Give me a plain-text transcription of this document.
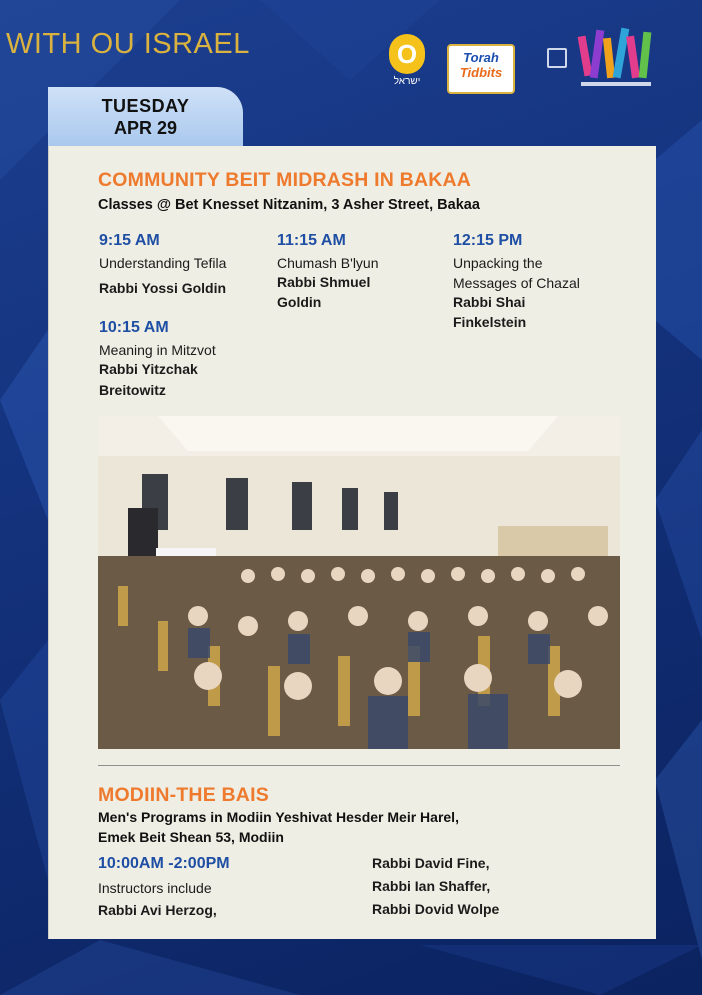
WITH OU ISRAEL	O
ישראל
Torah
Tidbits
TUESDAY
APR 29
COMMUNITY BEIT MIDRASH IN BAKAA
Classes @ Bet Knesset Nitzanim, 3 Asher Street, Bakaa
9:15 AM
Understanding Tefila
Rabbi Yossi Goldin
11:15 AM
Chumash B'lyun
Rabbi Shmuel
Goldin
12:15 PM
Unpacking the
Messages of Chazal
Rabbi Shai
Finkelstein
10:15 AM
Meaning in Mitzvot
Rabbi Yitzchak
Breitowitz
MODIIN-THE BAIS
Men's Programs in Modiin Yeshivat Hesder Meir Harel,
Emek Beit Shean 53, Modiin
10:00AM -2:00PM
Instructors include
Rabbi Avi Herzog,
Rabbi David Fine,
Rabbi Ian Shaffer,
Rabbi Dovid Wolpe
